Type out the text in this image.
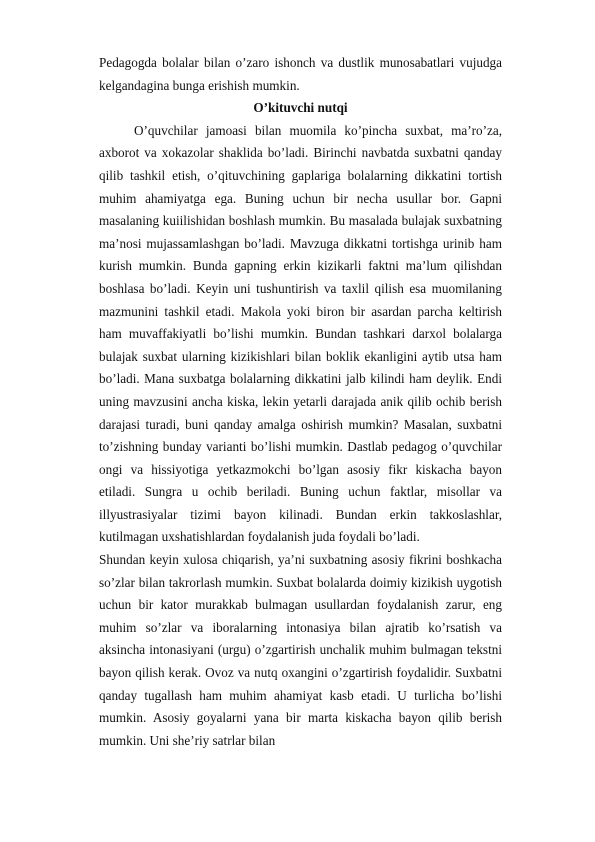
Pedagogda bolalar bilan o’zaro ishonch va dustlik munosabatlari vujudga kelgandagina bunga erishish mumkin.

O’kituvchi nutqi

O’quvchilar jamoasi bilan muomila ko’pincha suxbat, ma’ro’za, axborot va xokazolar shaklida bo’ladi. Birinchi navbatda suxbatni qanday qilib tashkil etish, o’qituvchining gaplariga bolalarning dikkatini tortish muhim ahamiyatga ega. Buning uchun bir necha usullar bor. Gapni masalaning kuiilishidan boshlash mumkin. Bu masalada bulajak suxbatning ma’nosi mujassamlashgan bo’ladi. Mavzuga dikkatni tortishga urinib ham kurish mumkin. Bunda gapning erkin kizikarli faktni ma’lum qilishdan boshlasa bo’ladi. Keyin uni tushuntirish va taxlil qilish esa muomilaning mazmunini tashkil etadi. Makola yoki biron bir asardan parcha keltirish ham muvaffakiyatli bo’lishi mumkin. Bundan tashkari darxol bolalarga bulajak suxbat ularning kizikishlari bilan boklik ekanligini aytib utsa ham bo’ladi. Mana suxbatga bolalarning dikkatini jalb kilindi ham deylik. Endi uning mavzusini ancha kiska, lekin yetarli darajada anik qilib ochib berish darajasi turadi, buni qanday amalga oshirish mumkin? Masalan, suxbatni to’zishning bunday varianti bo’lishi mumkin. Dastlab pedagog o’quvchilar ongi va hissiyotiga yetkazmokchi bo’lgan asosiy fikr kiskacha bayon etiladi. Sungra u ochib beriladi. Buning uchun faktlar, misollar va illyustrasiyalar tizimi bayon kilinadi. Bundan erkin takkoslashlar, kutilmagan uxshatishlardan foydalanish juda foydali bo’ladi.

Shundan keyin xulosa chiqarish, ya’ni suxbatning asosiy fikrini boshkacha so’zlar bilan takrorlash mumkin. Suxbat bolalarda doimiy kizikish uygotish uchun bir kator murakkab bulmagan usullardan foydalanish zarur, eng muhim so’zlar va iboralarning intonasiya bilan ajratib ko’rsatish va aksincha intonasiyani (urgu) o’zgartirish unchalik muhim bulmagan tekstni bayon qilish kerak. Ovoz va nutq oxangini o’zgartirish foydalidir. Suxbatni qanday tugallash ham muhim ahamiyat kasb etadi. U turlicha bo’lishi mumkin. Asosiy goyalarni yana bir marta kiskacha bayon qilib berish mumkin. Uni she’riy satrlar bilan
